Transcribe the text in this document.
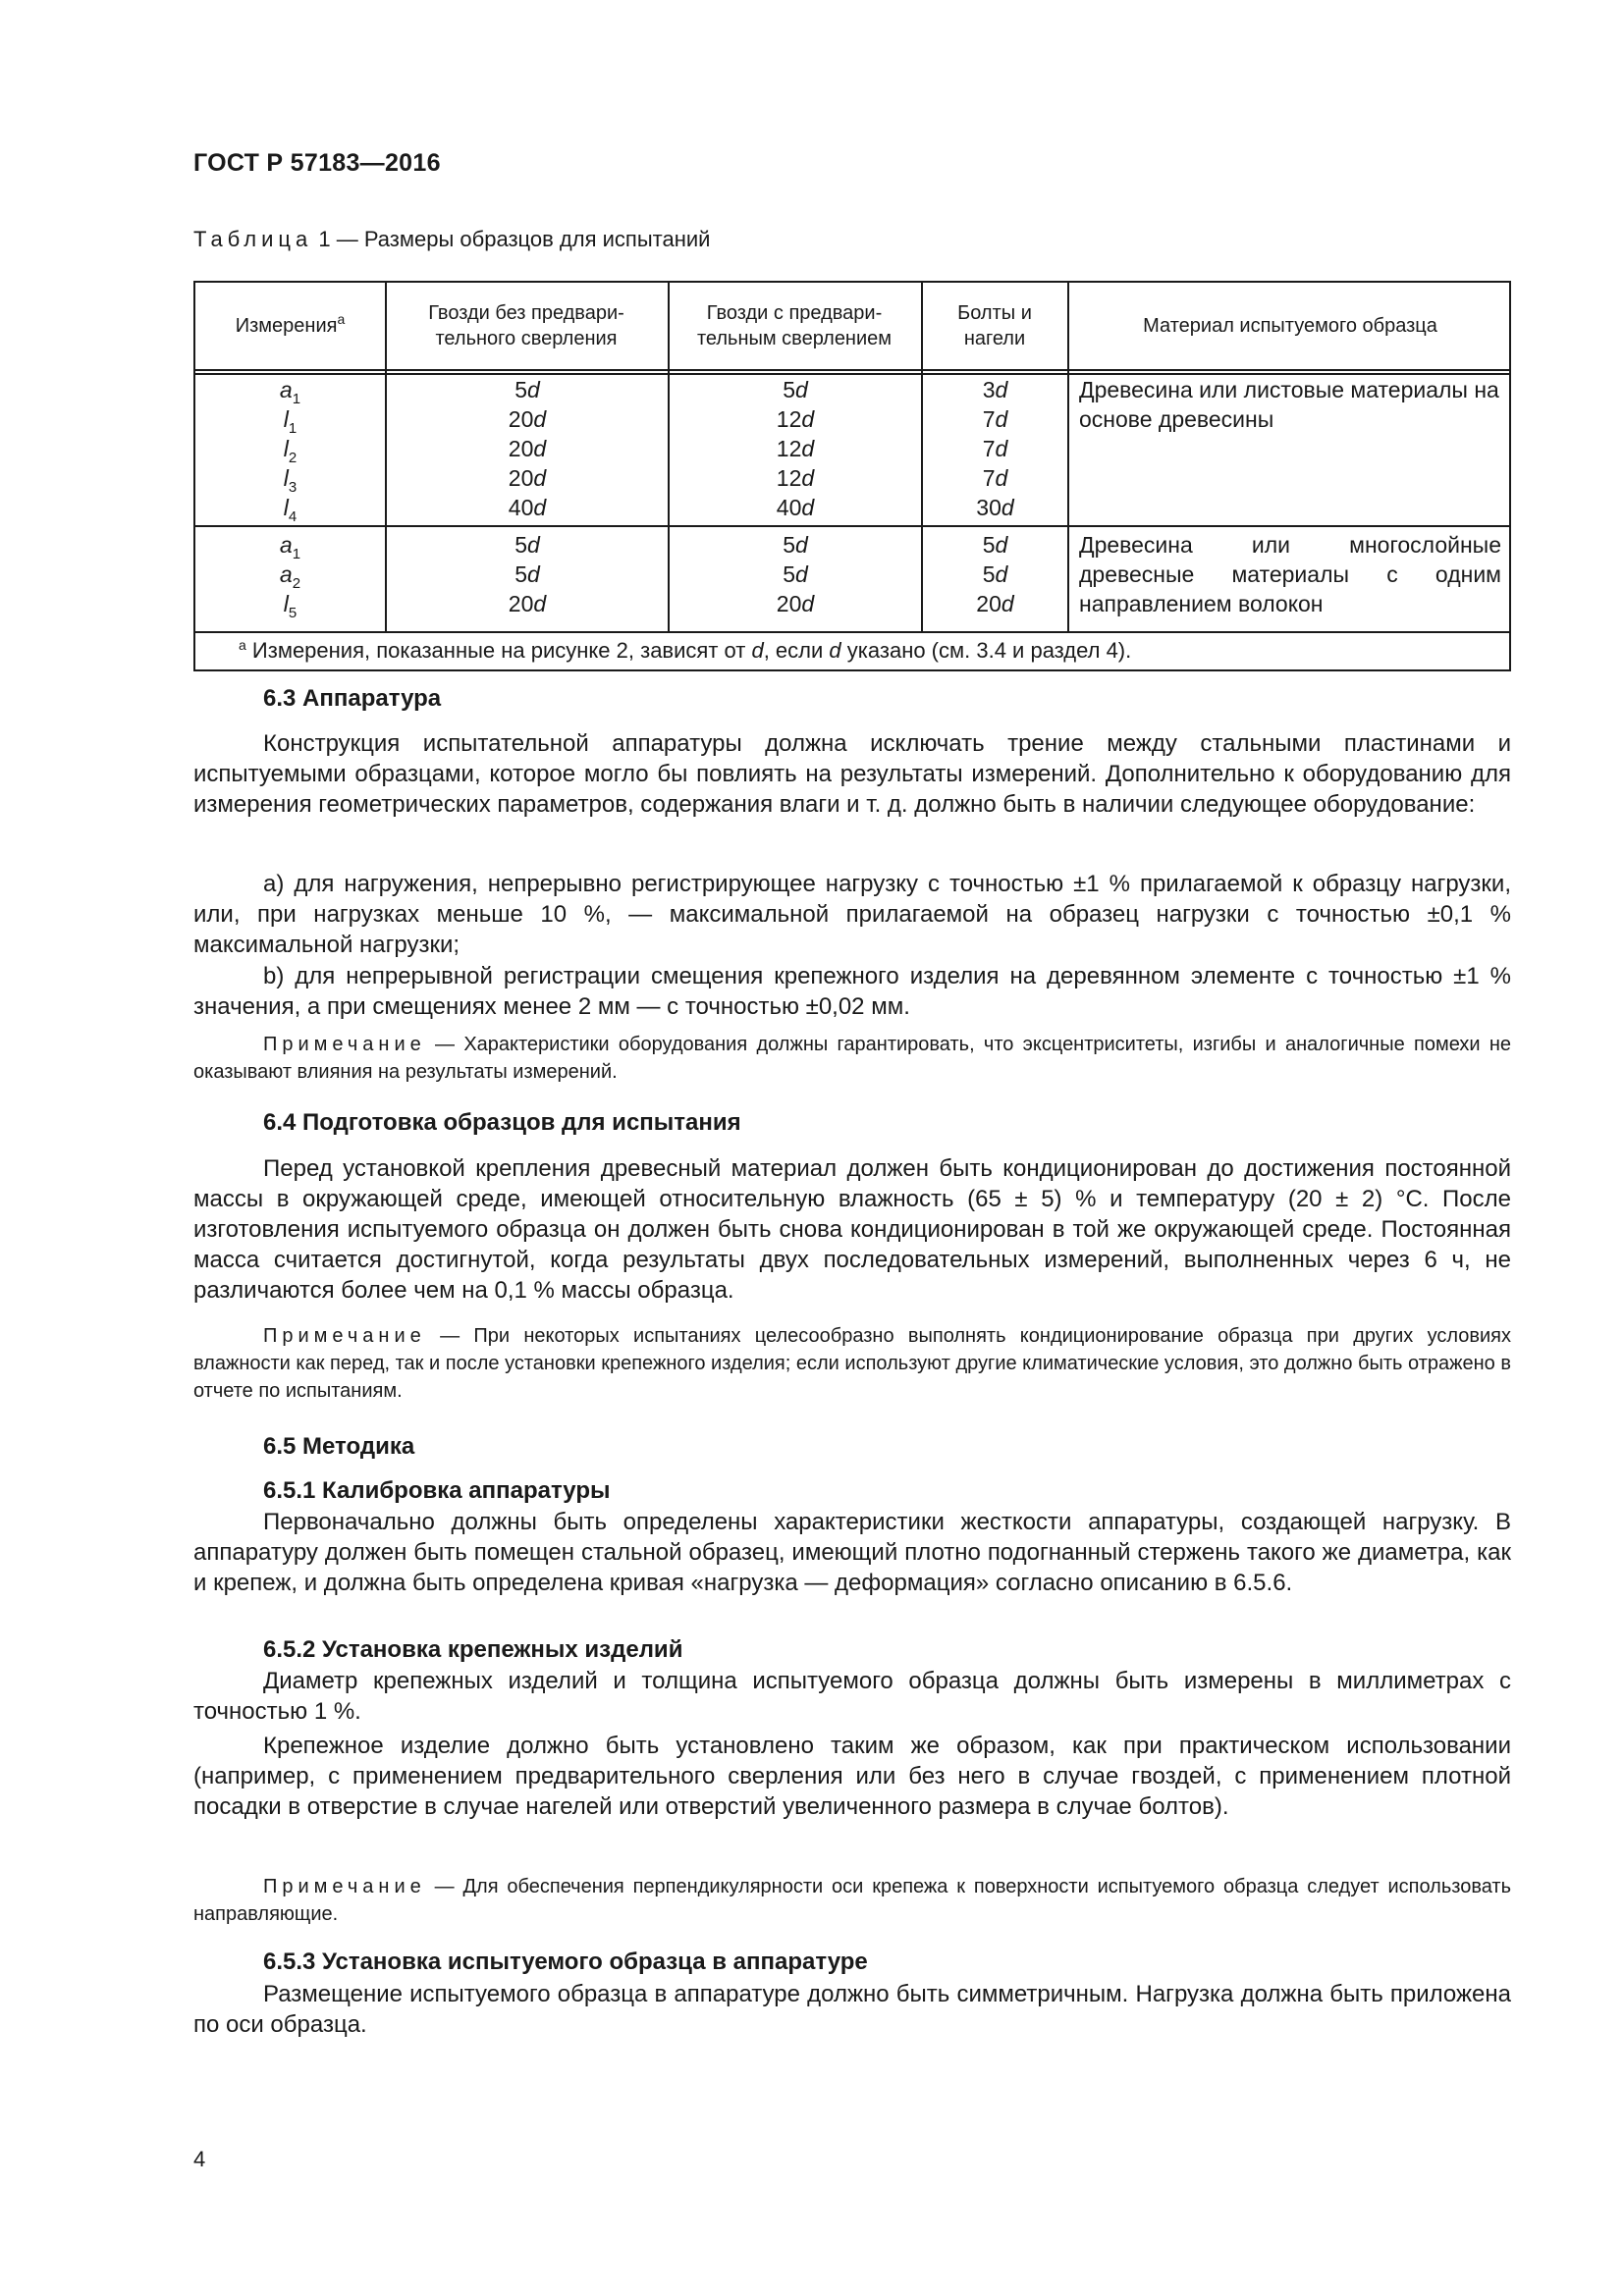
ГОСТ Р 57183—2016
Таблица 1 — Размеры образцов для испытаний
Измерения$^a$	Гвозди без предвари-тельного сверления
Гвозди с предвари-тельным сверлением
Болты и нагели
Материал испытуемого образца
$a_1$
$l_1$
$l_2$
$l_3$
$l_4$
5d
20d
20d
20d
40d
5d
12d
12d
12d
40d
3d
7d
7d
7d
30d
Древесина или листовые материалы на основе древесины
$a_1$
$a_2$
$l_5$
5d
5d
20d
5d
5d
20d
5d
5d
20d
Древесина или многослойные древесные материалы с одним направлением волокон
$^a$ Измерения, показанные на рисунке 2, зависят от d, если d указано (см. 3.4 и раздел 4).
6.3 Аппаратура

Конструкция испытательной аппаратуры должна исключать трение между стальными пластинами и испытуемыми образцами, которое могло бы повлиять на результаты измерений. Дополнительно к оборудованию для измерения геометрических параметров, содержания влаги и т. д. должно быть в наличии следующее оборудование:

а) для нагружения, непрерывно регистрирующее нагрузку с точностью ±1 % прилагаемой к образцу нагрузки, или, при нагрузках меньше 10 %, — максимальной прилагаемой на образец нагрузки с точностью ±0,1 % максимальной нагрузки;

b) для непрерывной регистрации смещения крепежного изделия на деревянном элементе с точностью ±1 % значения, а при смещениях менее 2 мм — с точностью ±0,02 мм.

Примечание — Характеристики оборудования должны гарантировать, что эксцентриситеты, изгибы и аналогичные помехи не оказывают влияния на результаты измерений.

6.4 Подготовка образцов для испытания

Перед установкой крепления древесный материал должен быть кондиционирован до достижения постоянной массы в окружающей среде, имеющей относительную влажность (65 ± 5) % и температуру (20 ± 2) °С. После изготовления испытуемого образца он должен быть снова кондиционирован в той же окружающей среде. Постоянная масса считается достигнутой, когда результаты двух последовательных измерений, выполненных через 6 ч, не различаются более чем на 0,1 % массы образца.

Примечание — При некоторых испытаниях целесообразно выполнять кондиционирование образца при других условиях влажности как перед, так и после установки крепежного изделия; если используют другие климатические условия, это должно быть отражено в отчете по испытаниям.

6.5 Методика
6.5.1 Калибровка аппаратуры

Первоначально должны быть определены характеристики жесткости аппаратуры, создающей нагрузку. В аппаратуру должен быть помещен стальной образец, имеющий плотно подогнанный стержень такого же диаметра, как и крепеж, и должна быть определена кривая «нагрузка — деформация» согласно описанию в 6.5.6.

6.5.2 Установка крепежных изделий

Диаметр крепежных изделий и толщина испытуемого образца должны быть измерены в миллиметрах с точностью 1 %.

Крепежное изделие должно быть установлено таким же образом, как при практическом использовании (например, с применением предварительного сверления или без него в случае гвоздей, с применением плотной посадки в отверстие в случае нагелей или отверстий увеличенного размера в случае болтов).

Примечание — Для обеспечения перпендикулярности оси крепежа к поверхности испытуемого образца следует использовать направляющие.

6.5.3 Установка испытуемого образца в аппаратуре

Размещение испытуемого образца в аппаратуре должно быть симметричным. Нагрузка должна быть приложена по оси образца.

4
